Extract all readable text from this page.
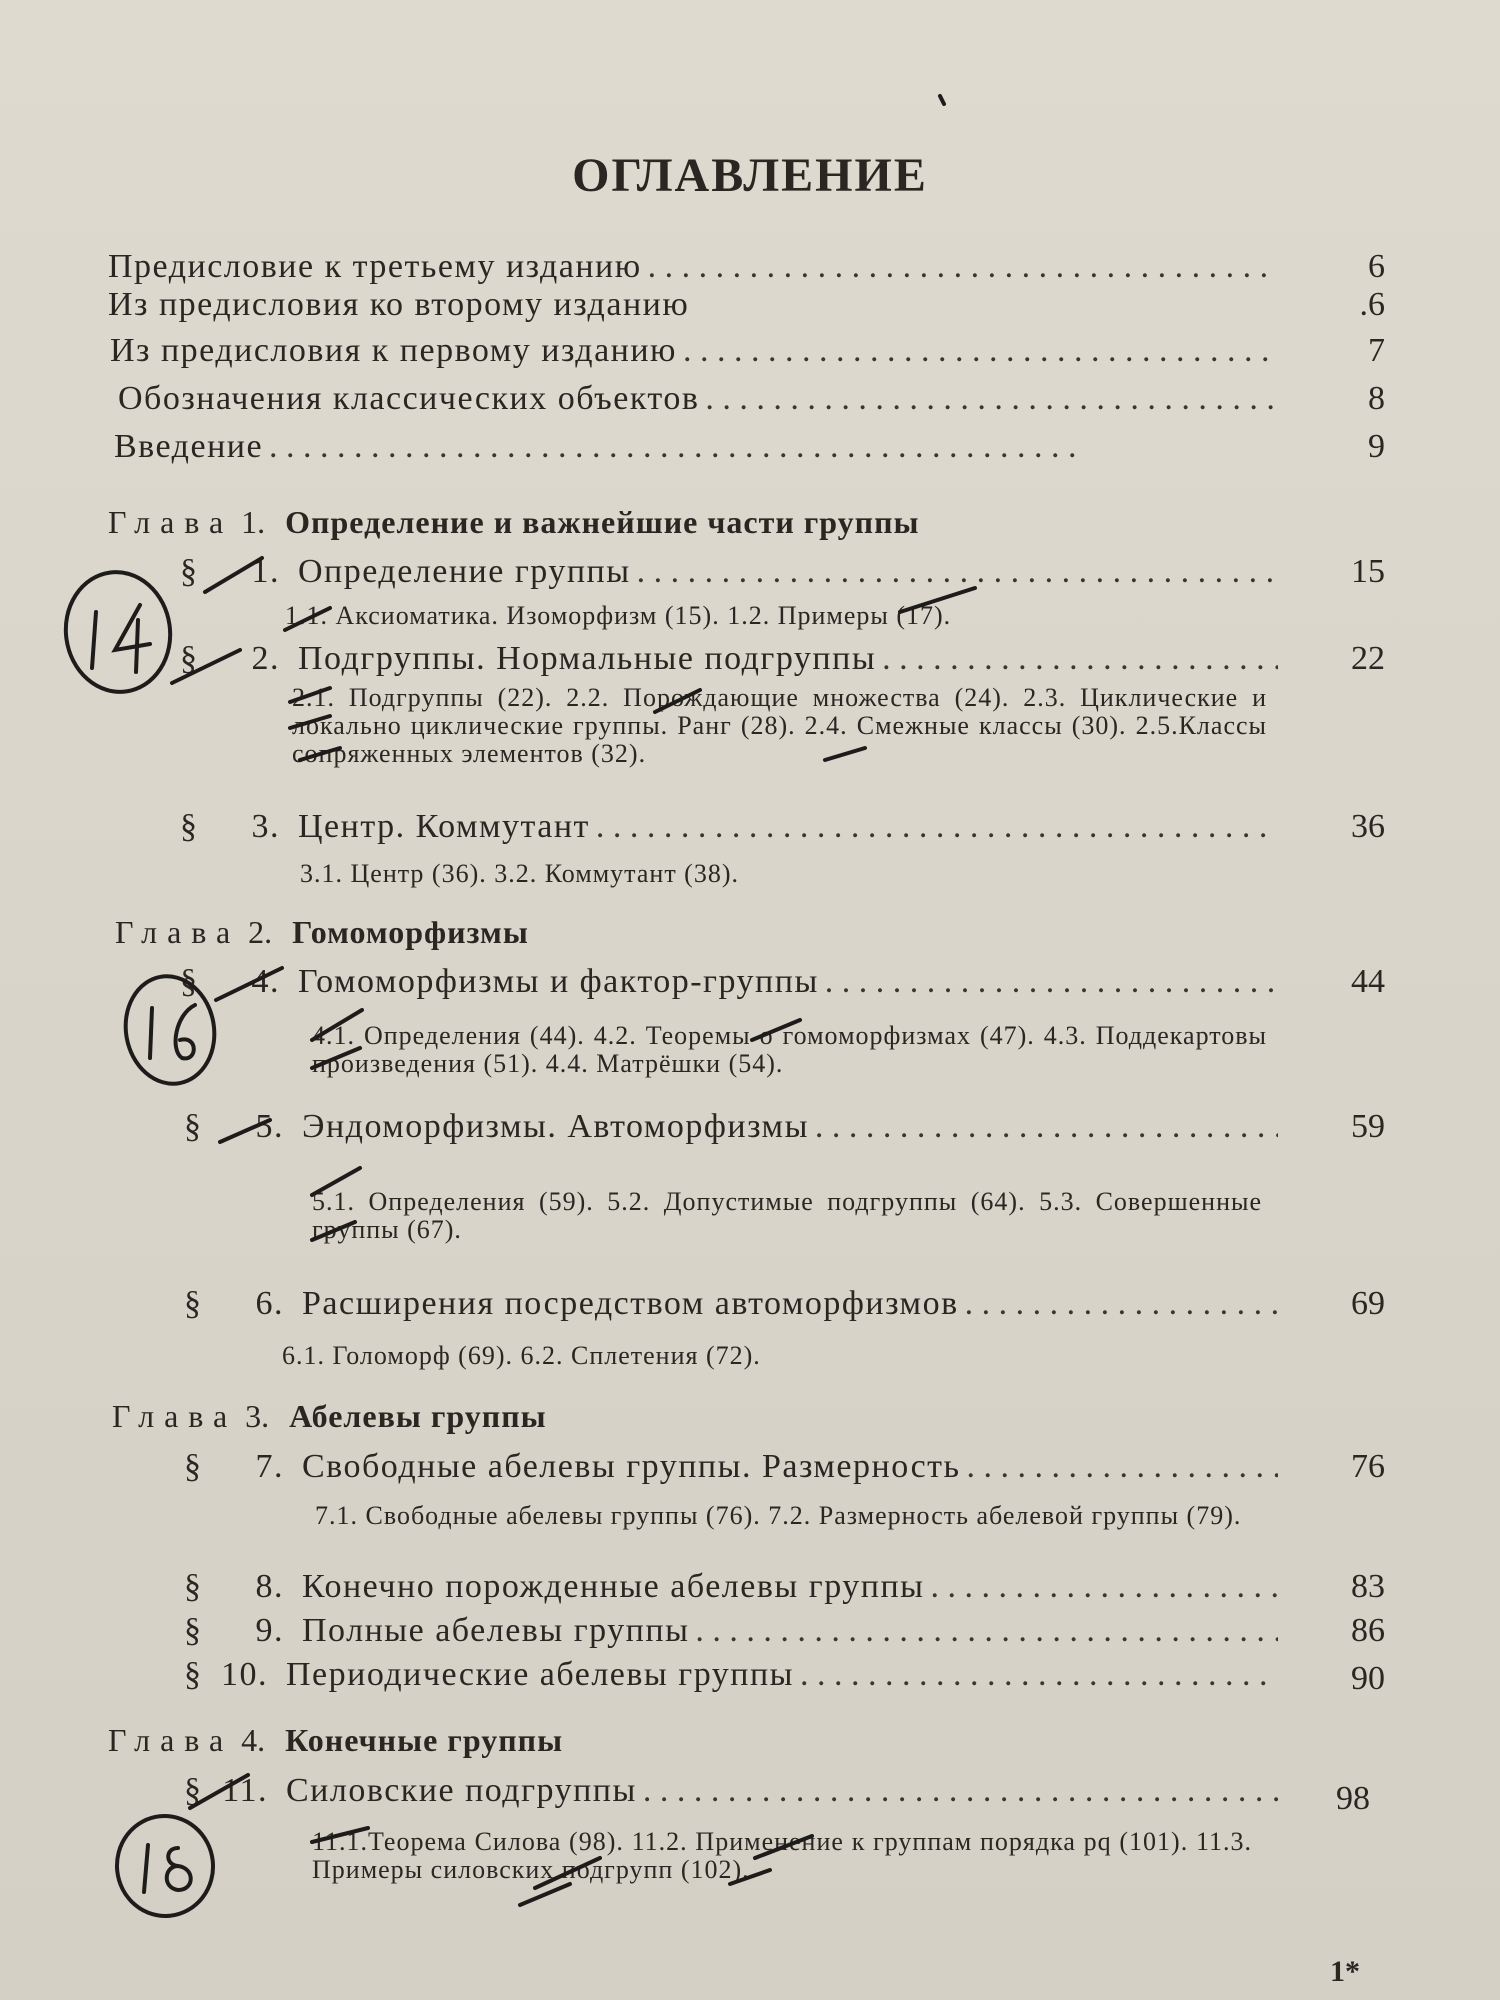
ОГЛАВЛЕНИЕ
Предисловие к третьему изданию . .	6
Из предисловия ко второму изданию	.6
Из предисловия к первому изданию . .	7
Обозначения классических объектов . .	8
Введение . .	9
Глава 1. Определение и важнейшие части группы
§ 1. Определение группы . .	15
1.1. Аксиоматика. Изоморфизм (15). 1.2. Примеры (17).
§ 2. Подгруппы. Нормальные подгруппы . .	22
2.1. Подгруппы (22). 2.2. Порождающие множества (24). 2.3. Циклические и локально циклические группы. Ранг (28). 2.4. Смежные классы (30). 2.5.Классы сопряженных элементов (32).
§ 3. Центр. Коммутант . .	36
3.1. Центр (36). 3.2. Коммутант (38).
Глава 2. Гомоморфизмы
§ 4. Гомоморфизмы и фактор-группы . .	44
4.1. Определения (44). 4.2. Теоремы о гомоморфизмах (47). 4.3. Поддекартовы произведения (51). 4.4. Матрёшки (54).
§ 5. Эндоморфизмы. Автоморфизмы . .	59
5.1. Определения (59). 5.2. Допустимые подгруппы (64). 5.3. Совершенные группы (67).
§ 6. Расширения посредством автоморфизмов . .	69
6.1. Голоморф (69). 6.2. Сплетения (72).
Глава 3. Абелевы группы
§ 7. Свободные абелевы группы. Размерность . .	76
7.1. Свободные абелевы группы (76). 7.2. Размерность абелевой группы (79).
§ 8. Конечно порожденные абелевы группы . .	83
§ 9. Полные абелевы группы . .	86
§ 10. Периодические абелевы группы . .	90
Глава 4. Конечные группы
§ 11. Силовские подгруппы . .	98
11.1.Теорема Силова (98). 11.2. Применение к группам порядка pq (101). 11.3. Примеры силовских подгрупп (102).
1*
